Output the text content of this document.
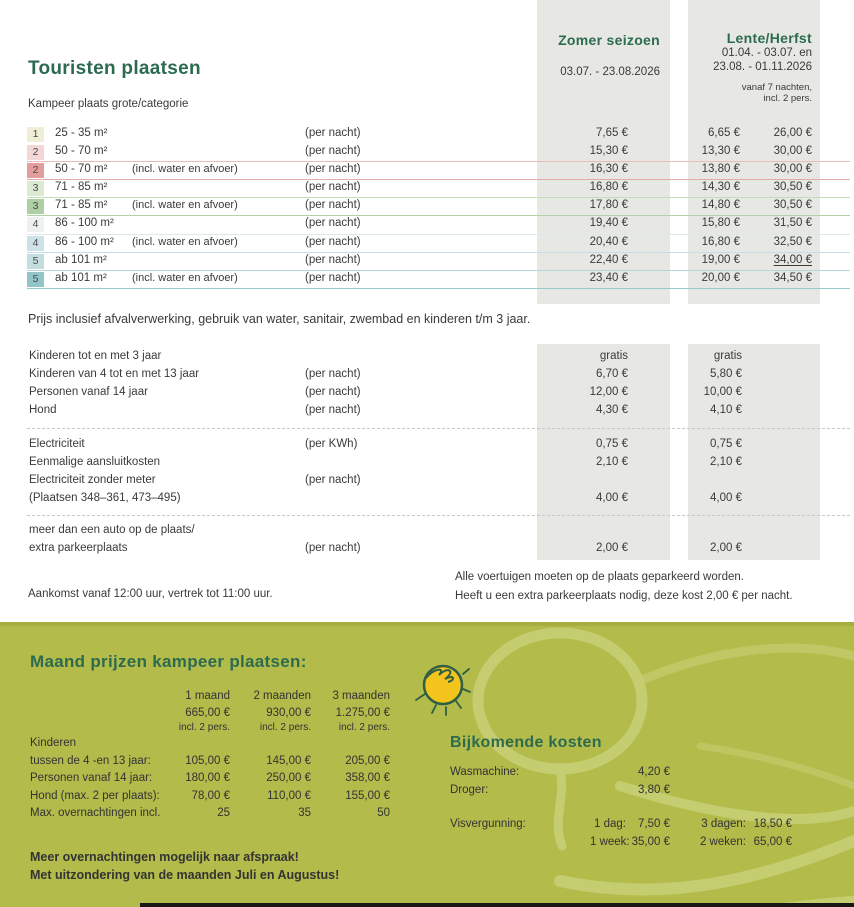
Touristen plaatsen
Kampeer plaats grote/categorie
Zomer seizoen
03.07. - 23.08.2026
Lente/Herfst
01.04. - 03.07. en
23.08. - 01.11.2026
vanaf 7 nachten,
incl. 2 pers.
1	25 - 35 m²	(per nacht)	7,65 €	6,65 €	26,00 €
2	50 - 70 m²	(per nacht)	15,30 €	13,30 €	30,00 €
2	50 - 70 m² (incl. water en afvoer)	(per nacht)	16,30 €	13,80 €	30,00 €
3	71 - 85 m²	(per nacht)	16,80 €	14,30 €	30,50 €
3	71 - 85 m² (incl. water en afvoer)	(per nacht)	17,80 €	14,80 €	30,50 €
4	86 - 100 m²	(per nacht)	19,40 €	15,80 €	31,50 €
4	86 - 100 m² (incl. water en afvoer)	(per nacht)	20,40 €	16,80 €	32,50 €
5	ab 101 m²	(per nacht)	22,40 €	19,00 €	34,00 €
5	ab 101 m² (incl. water en afvoer)	(per nacht)	23,40 €	20,00 €	34,50 €
Prijs inclusief afvalverwerking, gebruik van water, sanitair, zwembad en kinderen t/m 3 jaar.
Kinderen tot en met 3 jaar	gratis	gratis
Kinderen van 4 tot en met 13 jaar	(per nacht)	6,70 €	5,80 €
Personen vanaf 14 jaar	(per nacht)	12,00 €	10,00 €
Hond	(per nacht)	4,30 €	4,10 €
Electriciteit	(per KWh)	0,75 €	0,75 €
Eenmalige aansluitkosten	2,10 €	2,10 €
Electriciteit zonder meter	(per nacht)
(Plaatsen 348–361, 473–495)	4,00 €	4,00 €
meer dan een auto op de plaats/
extra parkeerplaats	(per nacht)	2,00 €	2,00 €
Aankomst vanaf 12:00 uur, vertrek tot 11:00 uur.
Alle voertuigen moeten op de plaats geparkeerd worden.
Heeft u een extra parkeerplaats nodig, deze kost 2,00 € per nacht.
Maand prijzen kampeer plaatsen:
1 maand 2 maanden 3 maanden
665,00 €	930,00 € 1.275,00 €
incl. 2 pers.	incl. 2 pers.	incl. 2 pers.
Kinderen
tussen de 4 -en 13 jaar:	105,00 €	145,00 €	205,00 €
Personen vanaf 14 jaar:	180,00 €	250,00 €	358,00 €
Hond (max. 2 per plaats):	78,00 €	110,00 €	155,00 €
Max. overnachtingen incl.	25	35	50
Meer overnachtingen mogelijk naar afspraak!
Met uitzondering van de maanden Juli en Augustus!
Bijkomende kosten
Wasmachine:	4,20 €
Droger:	3,80 €
Visvergunning:	1 dag: 7,50 €	3 dagen: 18,50 €
1 week: 35,00 €	2 weken: 65,00 €
